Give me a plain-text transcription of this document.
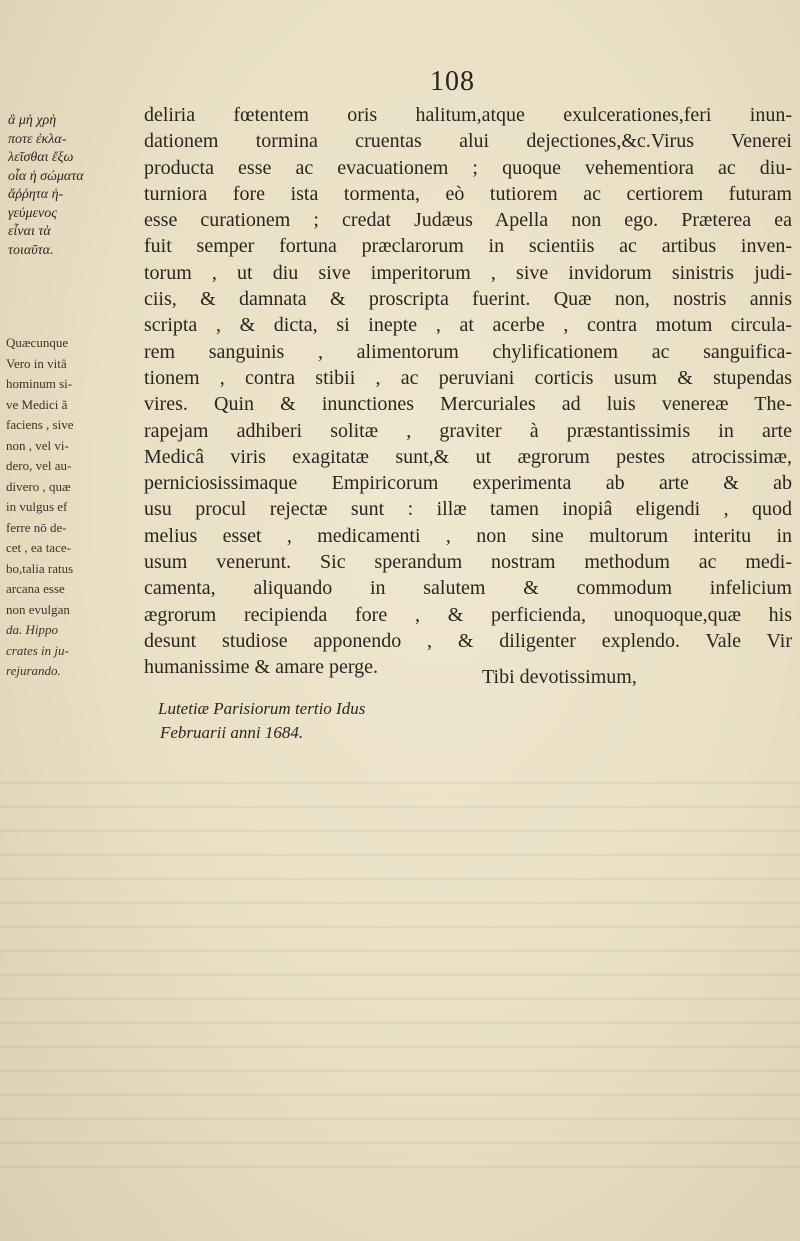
108
ἃ μὴ χρὴ
ποτε ἐκλα-
λεῖσθαι ἔξω
οἷα ἡ σώματα
ἄῤῥητα ἡ-
γεύμενος
εἶναι τὰ
τοιαῦτα.
Quæcunque
Vero in vitâ
hominum si-
ve Medici ã
faciens , sive
non , vel vi-
dero, vel au-
divero , quæ
in vulgus ef
ferre nō de-
cet , ea tace-
bo,talia ratus
arcana esse
non evulgan
da. Hippo
crates in ju-
rejurando.
deliria fœtentem oris halitum,atque exulcerationes,feri inun-
dationem tormina cruentas alui dejectiones,&c.Virus Venerei
producta esse ac evacuationem ; quoque vehementiora ac diu-
turniora fore ista tormenta, eò tutiorem ac certiorem futuram
esse curationem ; credat Judæus Apella non ego. Præterea ea
fuit semper fortuna præclarorum in scientiis ac artibus inven-
torum , ut diu sive imperitorum , sive invidorum sinistris judi-
ciis, & damnata & proscripta fuerint. Quæ non, nostris annis
scripta , & dicta, si inepte , at acerbe , contra motum circula-
rem sanguinis , alimentorum chylificationem ac sanguifica-
tionem , contra stibii , ac peruviani corticis usum & stupendas
vires. Quin & inunctiones Mercuriales ad luis venereæ The-
rapejam adhiberi solitæ , graviter à præstantissimis in arte
Medicâ viris exagitatæ sunt,& ut ægrorum pestes atrocissimæ,
perniciosissimaque Empiricorum experimenta ab arte & ab
usu procul rejectæ sunt : illæ tamen inopiâ eligendi , quod
melius esset , medicamenti , non sine multorum interitu in
usum venerunt. Sic sperandum nostram methodum ac medi-
camenta, aliquando in salutem & commodum infelicium
ægrorum recipienda fore , & perficienda, unoquoque,quæ his
desunt studiose apponendo , & diligenter explendo. Vale Vir
humanissime & amare perge.	Tibi devotissimum,
Lutetiæ Parisiorum tertio Idus
Februarii anni 1684.
